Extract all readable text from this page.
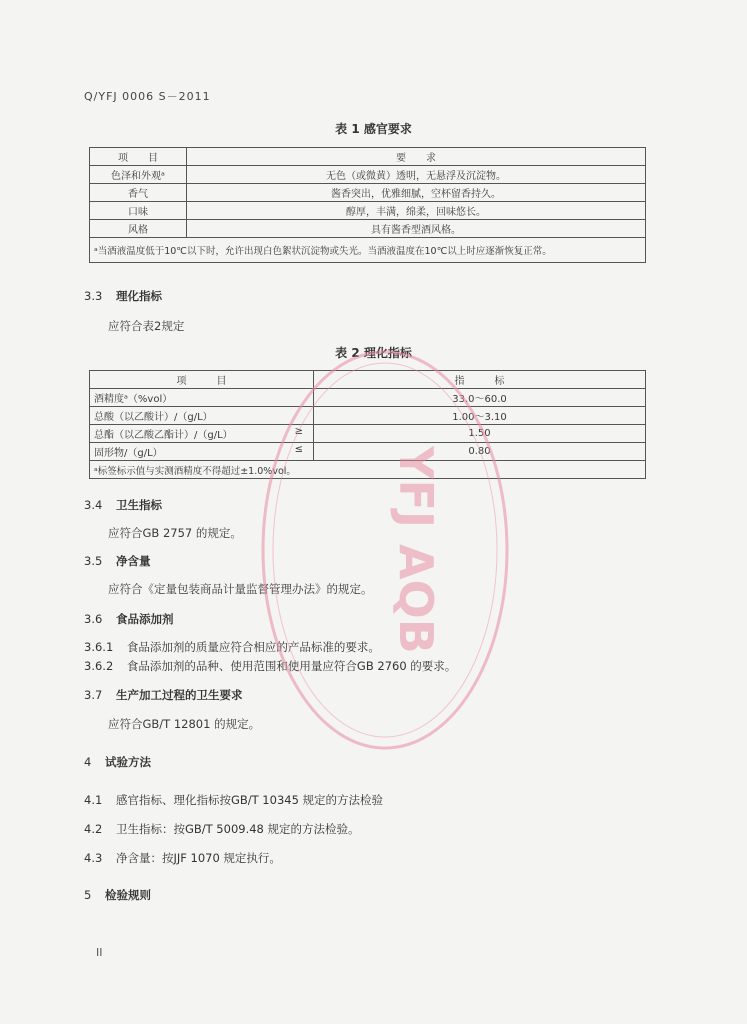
Q/YFJ 0006 S－2011
表 1 感官要求
项　　目	要　　求
色泽和外观ᵃ	无色（或微黄）透明，无悬浮及沉淀物。
香气	酱香突出，优雅细腻，空杯留香持久。
口味	醇厚，丰满，绵柔，回味悠长。
风格	具有酱香型酒风格。
ᵃ当酒液温度低于10℃以下时，允许出现白色絮状沉淀物或失光。当酒液温度在10℃以上时应逐渐恢复正常。	
3.3 理化指标
应符合表2规定
表 2 理化指标
项　　　目	指　　　标
酒精度ᵃ（%vol）	33.0～60.0
总酸（以乙酸计）/（g/L）	1.00～3.10
总酯（以乙酸乙酯计）/（g/L） ≥	1.50
固形物/（g/L） ≤	0.80
ᵃ标签标示值与实测酒精度不得超过±1.0%vol。	
3.4 卫生指标
应符合GB 2757 的规定。
3.5 净含量
应符合《定量包装商品计量监督管理办法》的规定。
3.6 食品添加剂
3.6.1 食品添加剂的质量应符合相应的产品标准的要求。
3.6.2 食品添加剂的品种、使用范围和使用量应符合GB 2760 的要求。
3.7 生产加工过程的卫生要求
应符合GB/T 12801 的规定。
4 试验方法
4.1 感官指标、理化指标按GB/T 10345 规定的方法检验
4.2 卫生指标：按GB/T 5009.48 规定的方法检验。
4.3 净含量：按JJF 1070 规定执行。
5 检验规则
II
YFJ AQB
